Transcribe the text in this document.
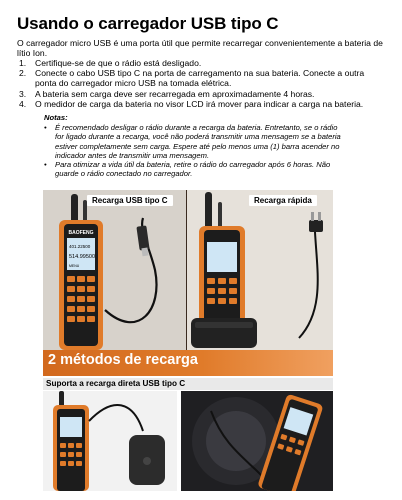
Usando o carregador USB tipo C
O carregador micro USB é uma porta útil que permite recarregar convenientemente a bateria de lítio Ion.
1.	Certifique-se de que o rádio está desligado.
2.	Conecte o cabo USB tipo C na porta de carregamento na sua bateria. Conecte a outra ponta do carregador micro USB na tomada elétrica.
3.	A bateria sem carga deve ser recarregada em aproximadamente 4 horas.
4.	O medidor de carga da bateria no visor LCD irá mover para indicar a carga na bateria.
Notas:
•	É recomendado desligar o rádio durante a recarga da bateria. Entretanto, se o rádio for ligado durante a recarga, você não poderá transmitir uma mensagem se a bateria estiver completamente sem carga. Espere até pelo menos uma (1) barra acender no indicador antes de transmitir uma mensagem.
•	Para otimizar a vida útil da bateria, retire o rádio do carregador após 6 horas. Não guarde o rádio conectado no carregador.
BAOFENG
401.22500
514.99500
MENU
Recarga USB tipo C	Recarga rápida
2 métodos de recarga
Suporta a recarga direta USB tipo C
